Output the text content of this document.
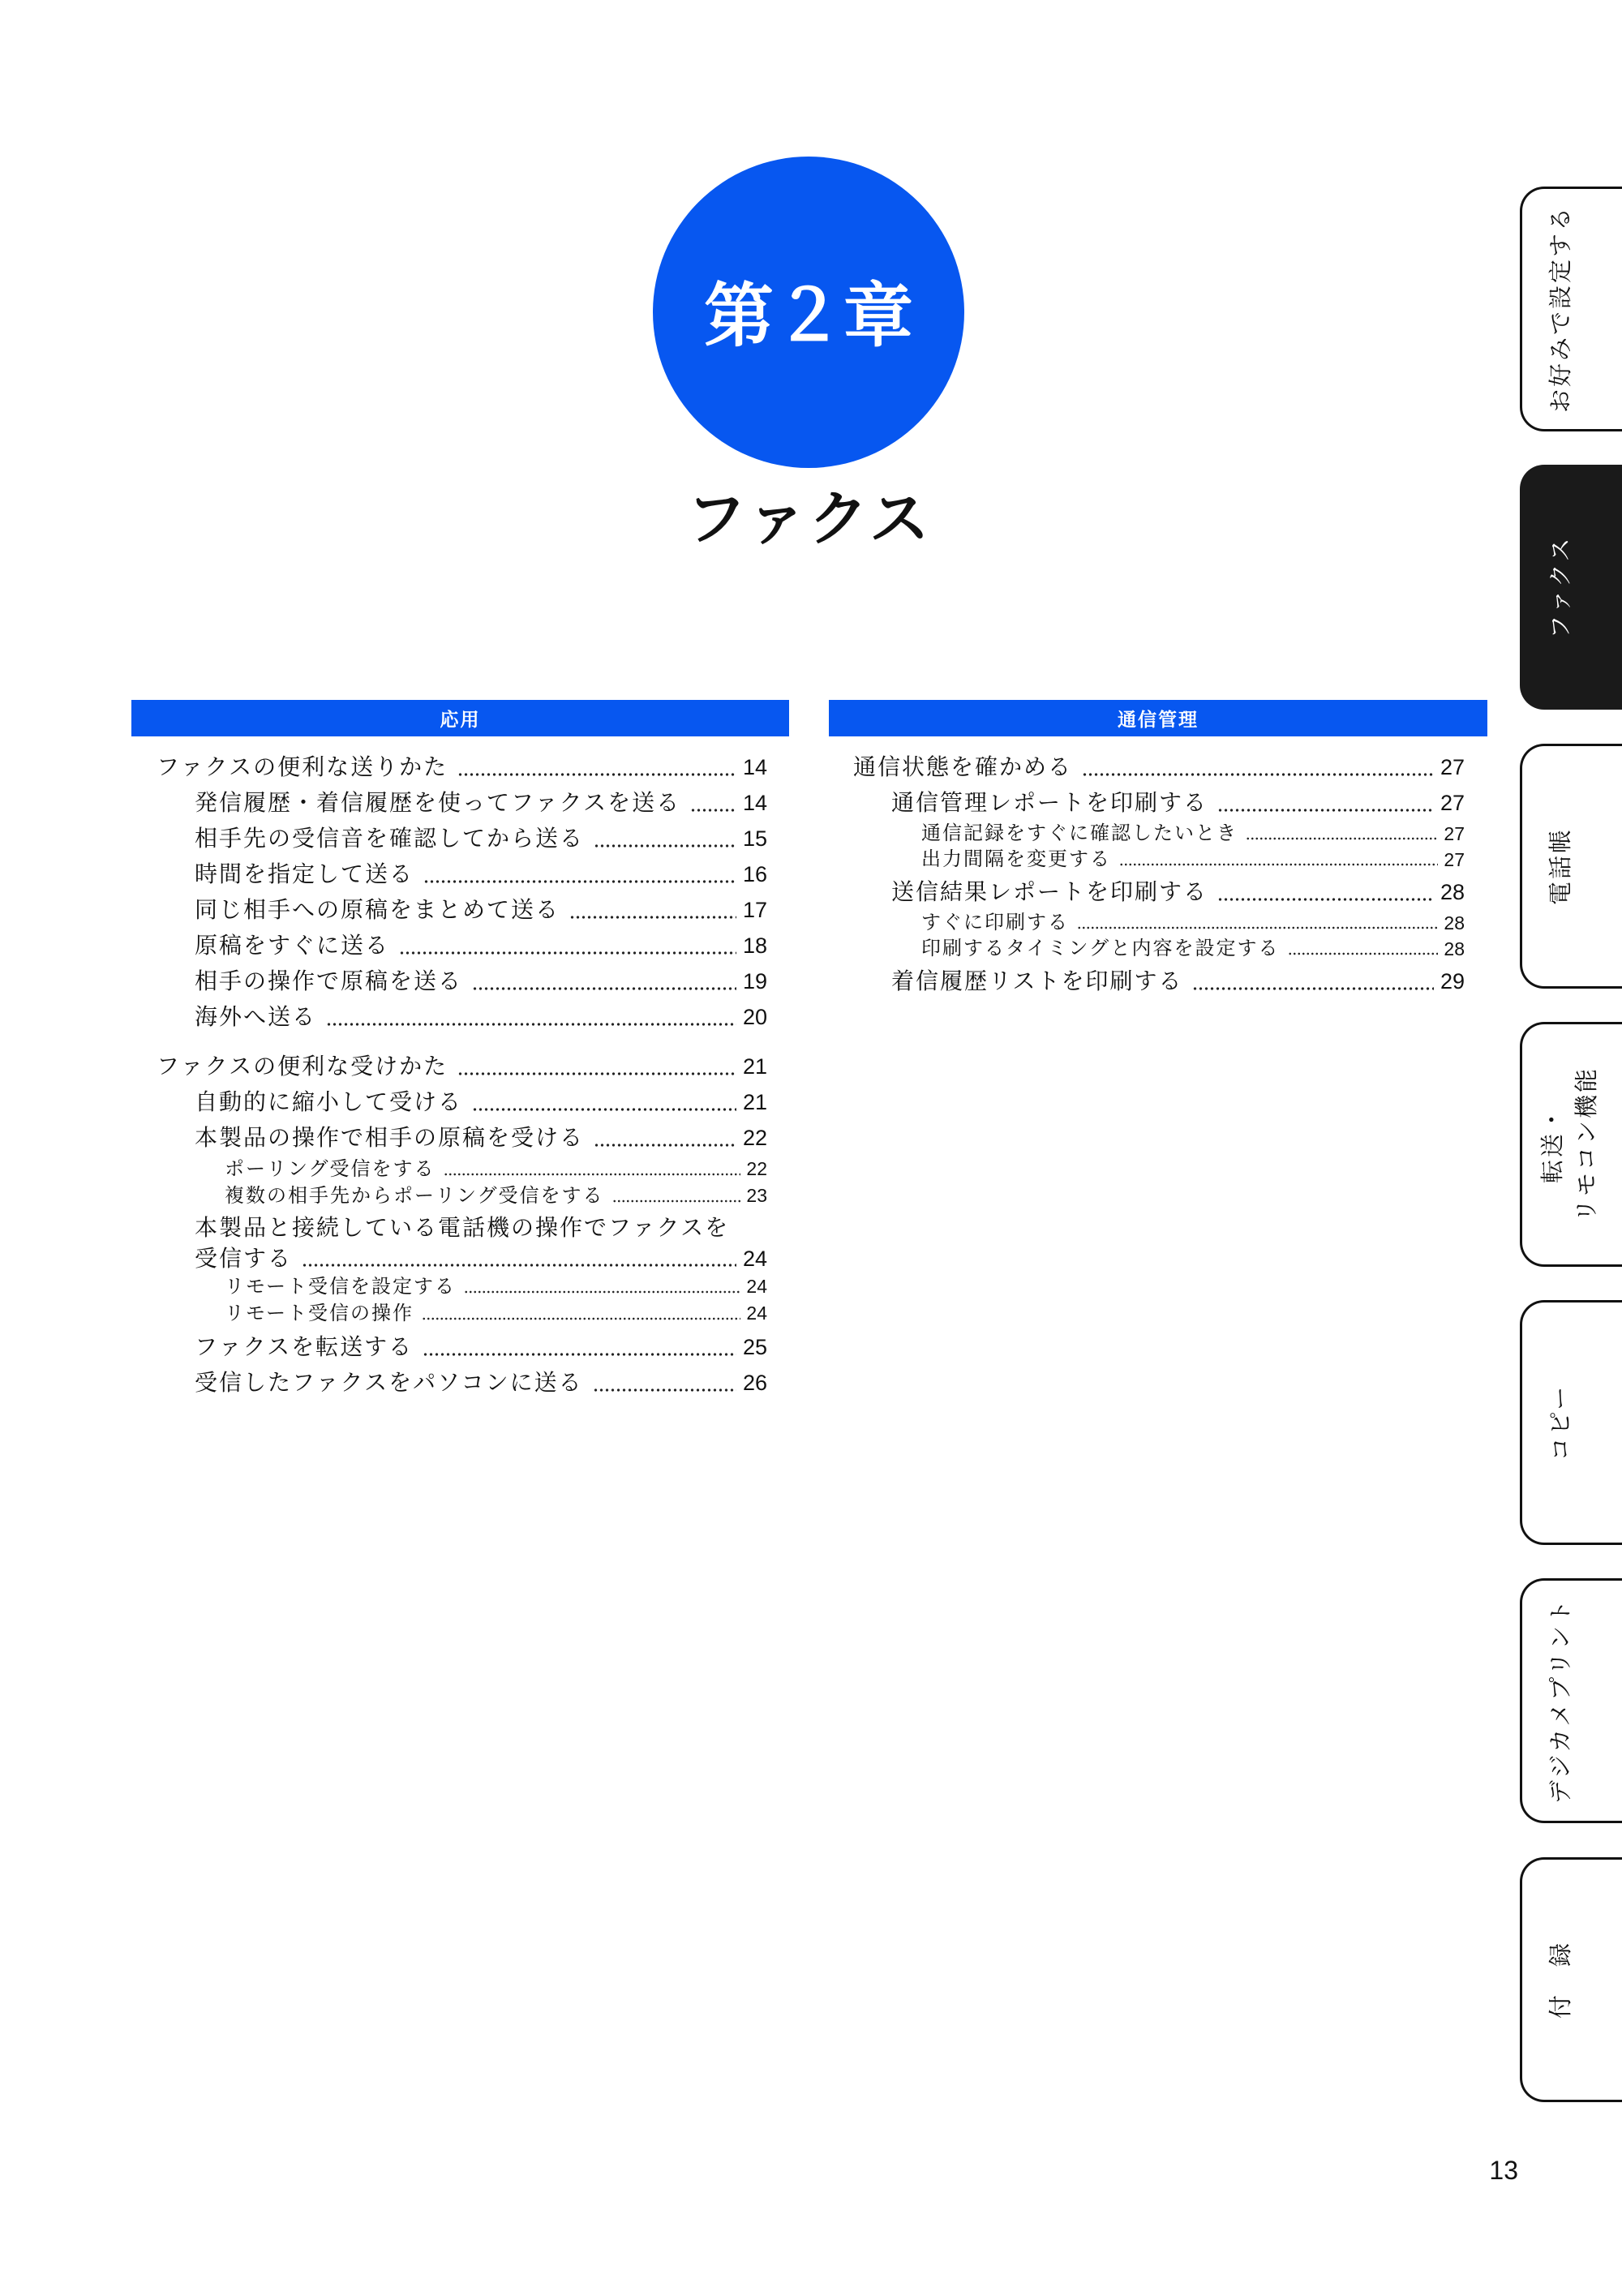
第２章
ファクス
応用	通信管理
ファクスの便利な送りかた	14
発信履歴・着信履歴を使ってファクスを送る	14
相手先の受信音を確認してから送る	15
時間を指定して送る	16
同じ相手への原稿をまとめて送る	17
原稿をすぐに送る	18
相手の操作で原稿を送る	19
海外へ送る	20
ファクスの便利な受けかた	21
自動的に縮小して受ける	21
本製品の操作で相手の原稿を受ける	22
ポーリング受信をする	22
複数の相手先からポーリング受信をする	23
本製品と接続している電話機の操作でファクスを
受信する	24
リモート受信を設定する	24
リモート受信の操作	24
ファクスを転送する	25
受信したファクスをパソコンに送る	26
通信状態を確かめる	27
通信管理レポートを印刷する	27
通信記録をすぐに確認したいとき	27
出力間隔を変更する	27
送信結果レポートを印刷する	28
すぐに印刷する	28
印刷するタイミングと内容を設定する	28
着信履歴リストを印刷する	29
お好みで設定する
ファクス
電話帳
転送・ リモコン機能
コピー
デジカメプリント
付　録
13
